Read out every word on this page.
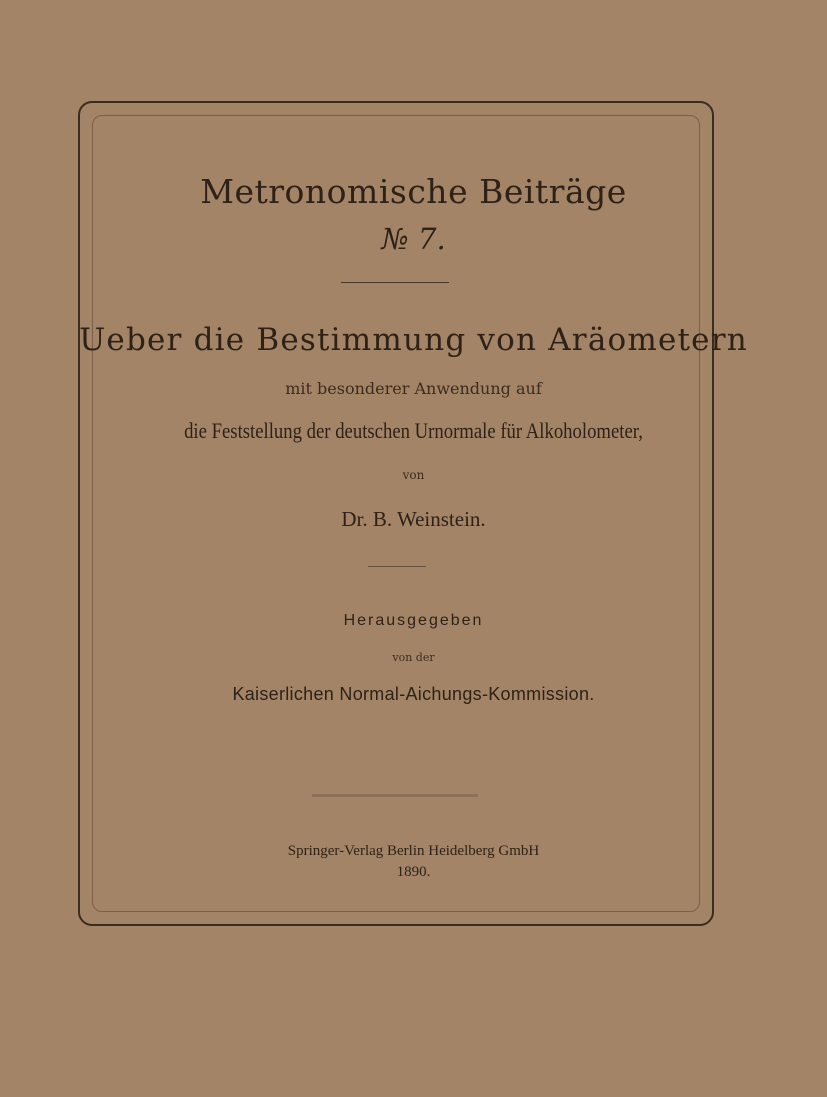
Metronomische Beiträge
№ 7.
Ueber die Bestimmung von Aräometern
mit besonderer Anwendung auf
die Feststellung der deutschen Urnormale für Alkoholometer,
von
Dr. B. Weinstein.
Herausgegeben
von der
Kaiserlichen Normal-Aichungs-Kommission.
Springer-Verlag Berlin Heidelberg GmbH
1890.
